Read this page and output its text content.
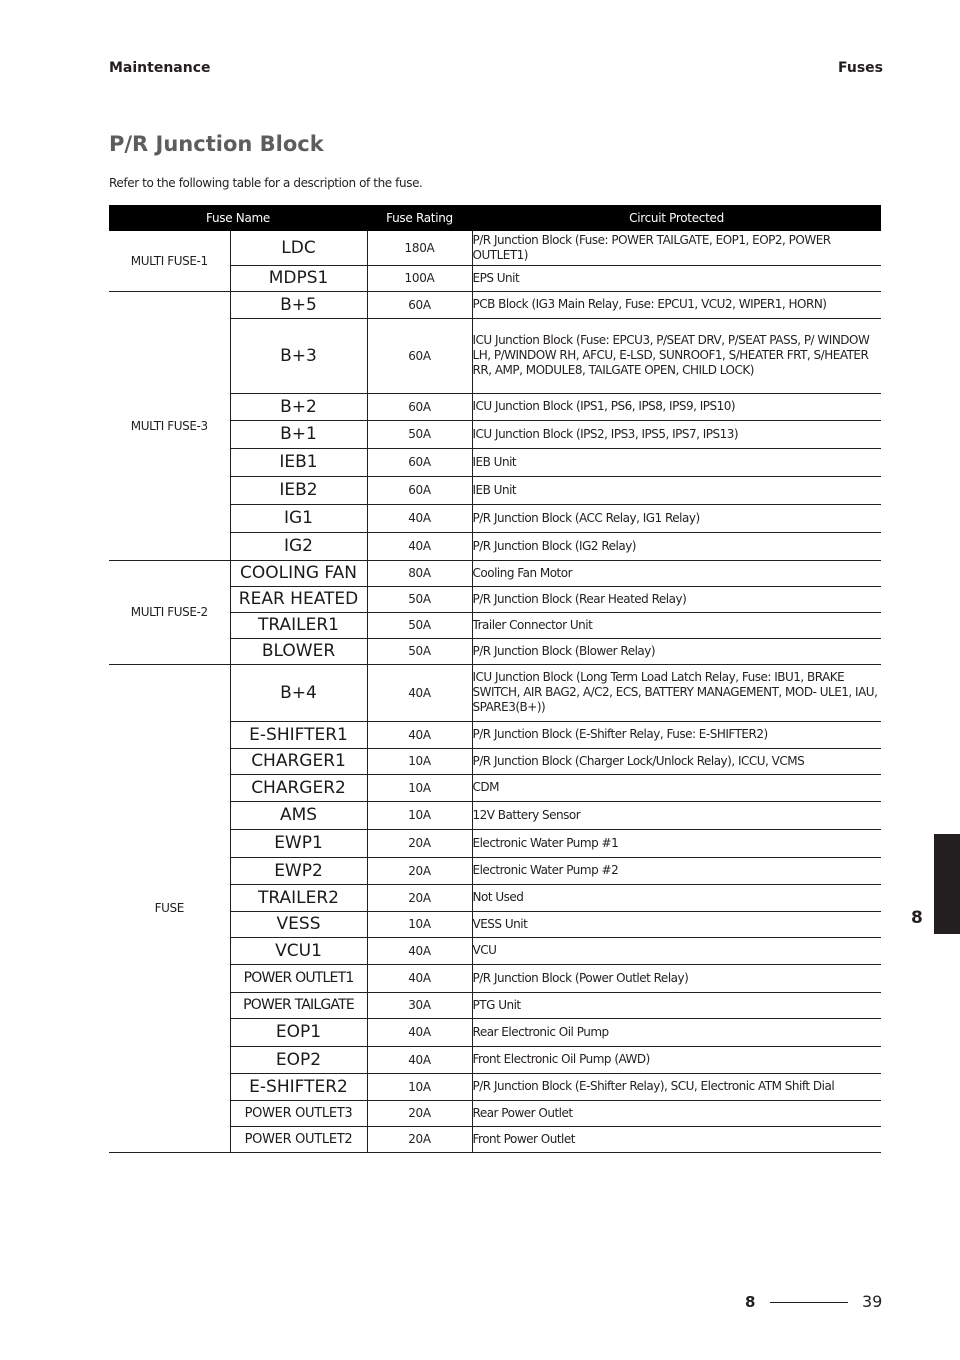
Maintenance	Fuses
P/R Junction Block
Refer to the following table for a description of the fuse.
Fuse Name		Fuse Rating	Circuit Protected
MULTI FUSE-1	LDC	180A	P/R Junction Block (Fuse: POWER TAILGATE, EOP1, EOP2, POWER OUTLET1)
	MDPS1	100A	EPS Unit
MULTI FUSE-3	B+5	60A	PCB Block (IG3 Main Relay, Fuse: EPCU1, VCU2, WIPER1, HORN)
	B+3	60A	ICU Junction Block (Fuse: EPCU3, P/SEAT DRV, P/SEAT PASS, P/ WINDOW LH, P/WINDOW RH, AFCU, E-LSD, SUNROOF1, S/HEATER FRT, S/HEATER RR, AMP, MODULE8, TAILGATE OPEN, CHILD LOCK)
	B+2	60A	ICU Junction Block (IPS1, PS6, IPS8, IPS9, IPS10)
	B+1	50A	ICU Junction Block (IPS2, IPS3, IPS5, IPS7, IPS13)
	IEB1	60A	IEB Unit
	IEB2	60A	IEB Unit
	IG1	40A	P/R Junction Block (ACC Relay, IG1 Relay)
	IG2	40A	P/R Junction Block (IG2 Relay)
MULTI FUSE-2	COOLING FAN	80A	Cooling Fan Motor
	REAR HEATED	50A	P/R Junction Block (Rear Heated Relay)
	TRAILER1	50A	Trailer Connector Unit
	BLOWER	50A	P/R Junction Block (Blower Relay)
FUSE	B+4	40A	ICU Junction Block (Long Term Load Latch Relay, Fuse: IBU1, BRAKE SWITCH, AIR BAG2, A/C2, ECS, BATTERY MANAGEMENT, MOD- ULE1, IAU, SPARE3(B+))
	E-SHIFTER1	40A	P/R Junction Block (E-Shifter Relay, Fuse: E-SHIFTER2)
	CHARGER1	10A	P/R Junction Block (Charger Lock/Unlock Relay), ICCU, VCMS
	CHARGER2	10A	CDM
	AMS	10A	12V Battery Sensor
	EWP1	20A	Electronic Water Pump #1
	EWP2	20A	Electronic Water Pump #2
	TRAILER2	20A	Not Used
	VESS	10A	VESS Unit
	VCU1	40A	VCU
	POWER OUTLET1	40A	P/R Junction Block (Power Outlet Relay)
	POWER TAILGATE	30A	PTG Unit
	EOP1	40A	Rear Electronic Oil Pump
	EOP2	40A	Front Electronic Oil Pump (AWD)
	E-SHIFTER2	10A	P/R Junction Block (E-Shifter Relay), SCU, Electronic ATM Shift Dial
	POWER OUTLET3	20A	Rear Power Outlet
	POWER OUTLET2	20A	Front Power Outlet
8
8	39
